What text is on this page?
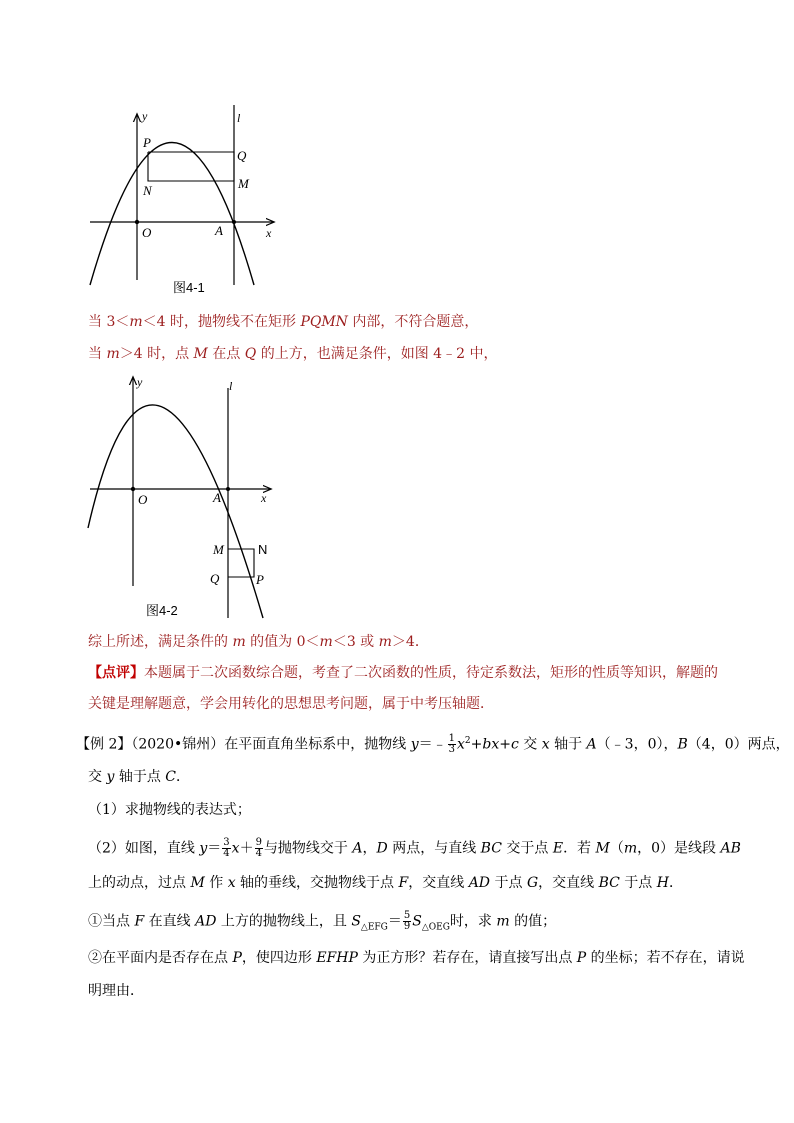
y	l
x
O	A
P
Q
N	M
图4-1
当 3＜m＜4 时，抛物线不在矩形 PQMN 内部，不符合题意，
当 m＞4 时，点 M 在点 Q 的上方，也满足条件，如图 4﹣2 中，
y	l
x
O	A
M	N
Q	P
图4-2
综上所述，满足条件的 m 的值为 0＜m＜3 或 m＞4．
【点评】本题属于二次函数综合题，考查了二次函数的性质，待定系数法，矩形的性质等知识，解题的
关键是理解题意，学会用转化的思想思考问题，属于中考压轴题．
【例 2】（2020•锦州）在平面直角坐标系中，抛物线 y＝﹣ $\frac{1}{3} x^2+bx+c$ 交 x 轴于 A（﹣3，0），B（4，0）两点，
交 y 轴于点 C．
（1）求抛物线的表达式；
（2）如图，直线 $y= \frac{3}{4} x+ \frac{9}{4}$ 与抛物线交于 A，D 两点，与直线 BC 交于点 E．若 M（m，0）是线段 AB
上的动点，过点 M 作 x 轴的垂线，交抛物线于点 F，交直线 AD 于点 G，交直线 BC 于点 H．
①当点 F 在直线 AD 上方的抛物线上，且 $S_{\triangle EFG}= \frac{5}{9} S_{\triangle OEG}$时，求 m 的值；
②在平面内是否存在点 P，使四边形 EFHP 为正方形？若存在，请直接写出点 P 的坐标；若不存在，请说
明理由．
